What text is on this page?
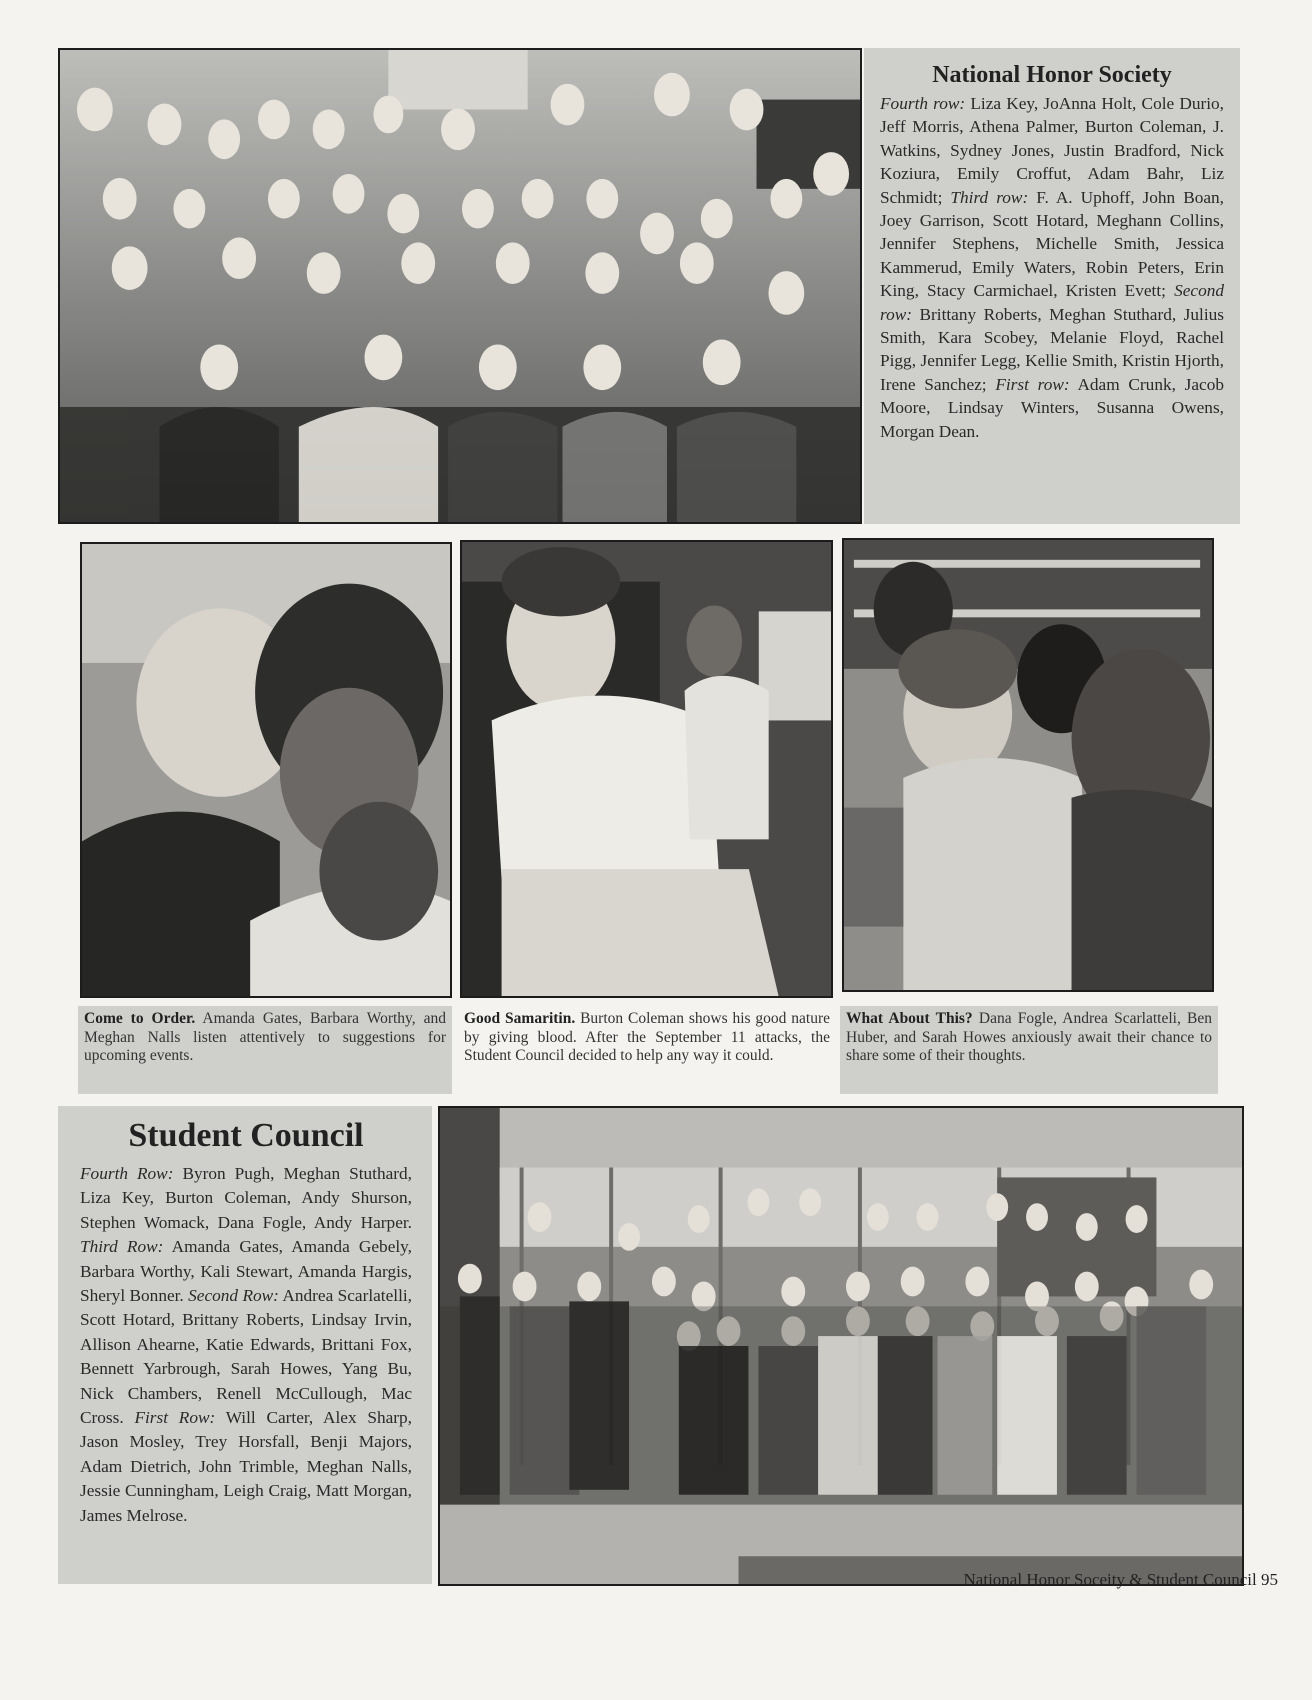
National Honor Society

Fourth row: Liza Key, JoAnna Holt, Cole Durio, Jeff Morris, Athena Palmer, Burton Coleman, J. Watkins, Sydney Jones, Justin Bradford, Nick Koziura, Emily Croffut, Adam Bahr, Liz Schmidt; Third row: F. A. Uphoff, John Boan, Joey Garrison, Scott Hotard, Meghann Collins, Jennifer Stephens, Michelle Smith, Jessica Kammerud, Emily Waters, Robin Peters, Erin King, Stacy Carmichael, Kristen Evett; Second row: Brittany Roberts, Meghan Stuthard, Julius Smith, Kara Scobey, Melanie Floyd, Rachel Pigg, Jennifer Legg, Kellie Smith, Kristin Hjorth, Irene Sanchez; First row: Adam Crunk, Jacob Moore, Lindsay Winters, Susanna Owens, Morgan Dean.

Come to Order. Amanda Gates, Barbara Worthy, and Meghan Nalls listen attentively to suggestions for upcoming events.
Good Samaritin. Burton Coleman shows his good nature by giving blood. After the September 11 attacks, the Student Council decided to help any way it could.
What About This? Dana Fogle, Andrea Scarlatteli, Ben Huber, and Sarah Howes anxiously await their chance to share some of their thoughts.
Student Council

Fourth Row: Byron Pugh, Meghan Stuthard, Liza Key, Burton Coleman, Andy Shurson, Stephen Womack, Dana Fogle, Andy Harper. Third Row: Amanda Gates, Amanda Gebely, Barbara Worthy, Kali Stewart, Amanda Hargis, Sheryl Bonner. Second Row: Andrea Scarlatelli, Scott Hotard, Brittany Roberts, Lindsay Irvin, Allison Ahearne, Katie Edwards, Brittani Fox, Bennett Yarbrough, Sarah Howes, Yang Bu, Nick Chambers, Renell McCullough, Mac Cross. First Row: Will Carter, Alex Sharp, Jason Mosley, Trey Horsfall, Benji Majors, Adam Dietrich, John Trimble, Meghan Nalls, Jessie Cunningham, Leigh Craig, Matt Morgan, James Melrose.

National Honor Soceity & Student Council 95
